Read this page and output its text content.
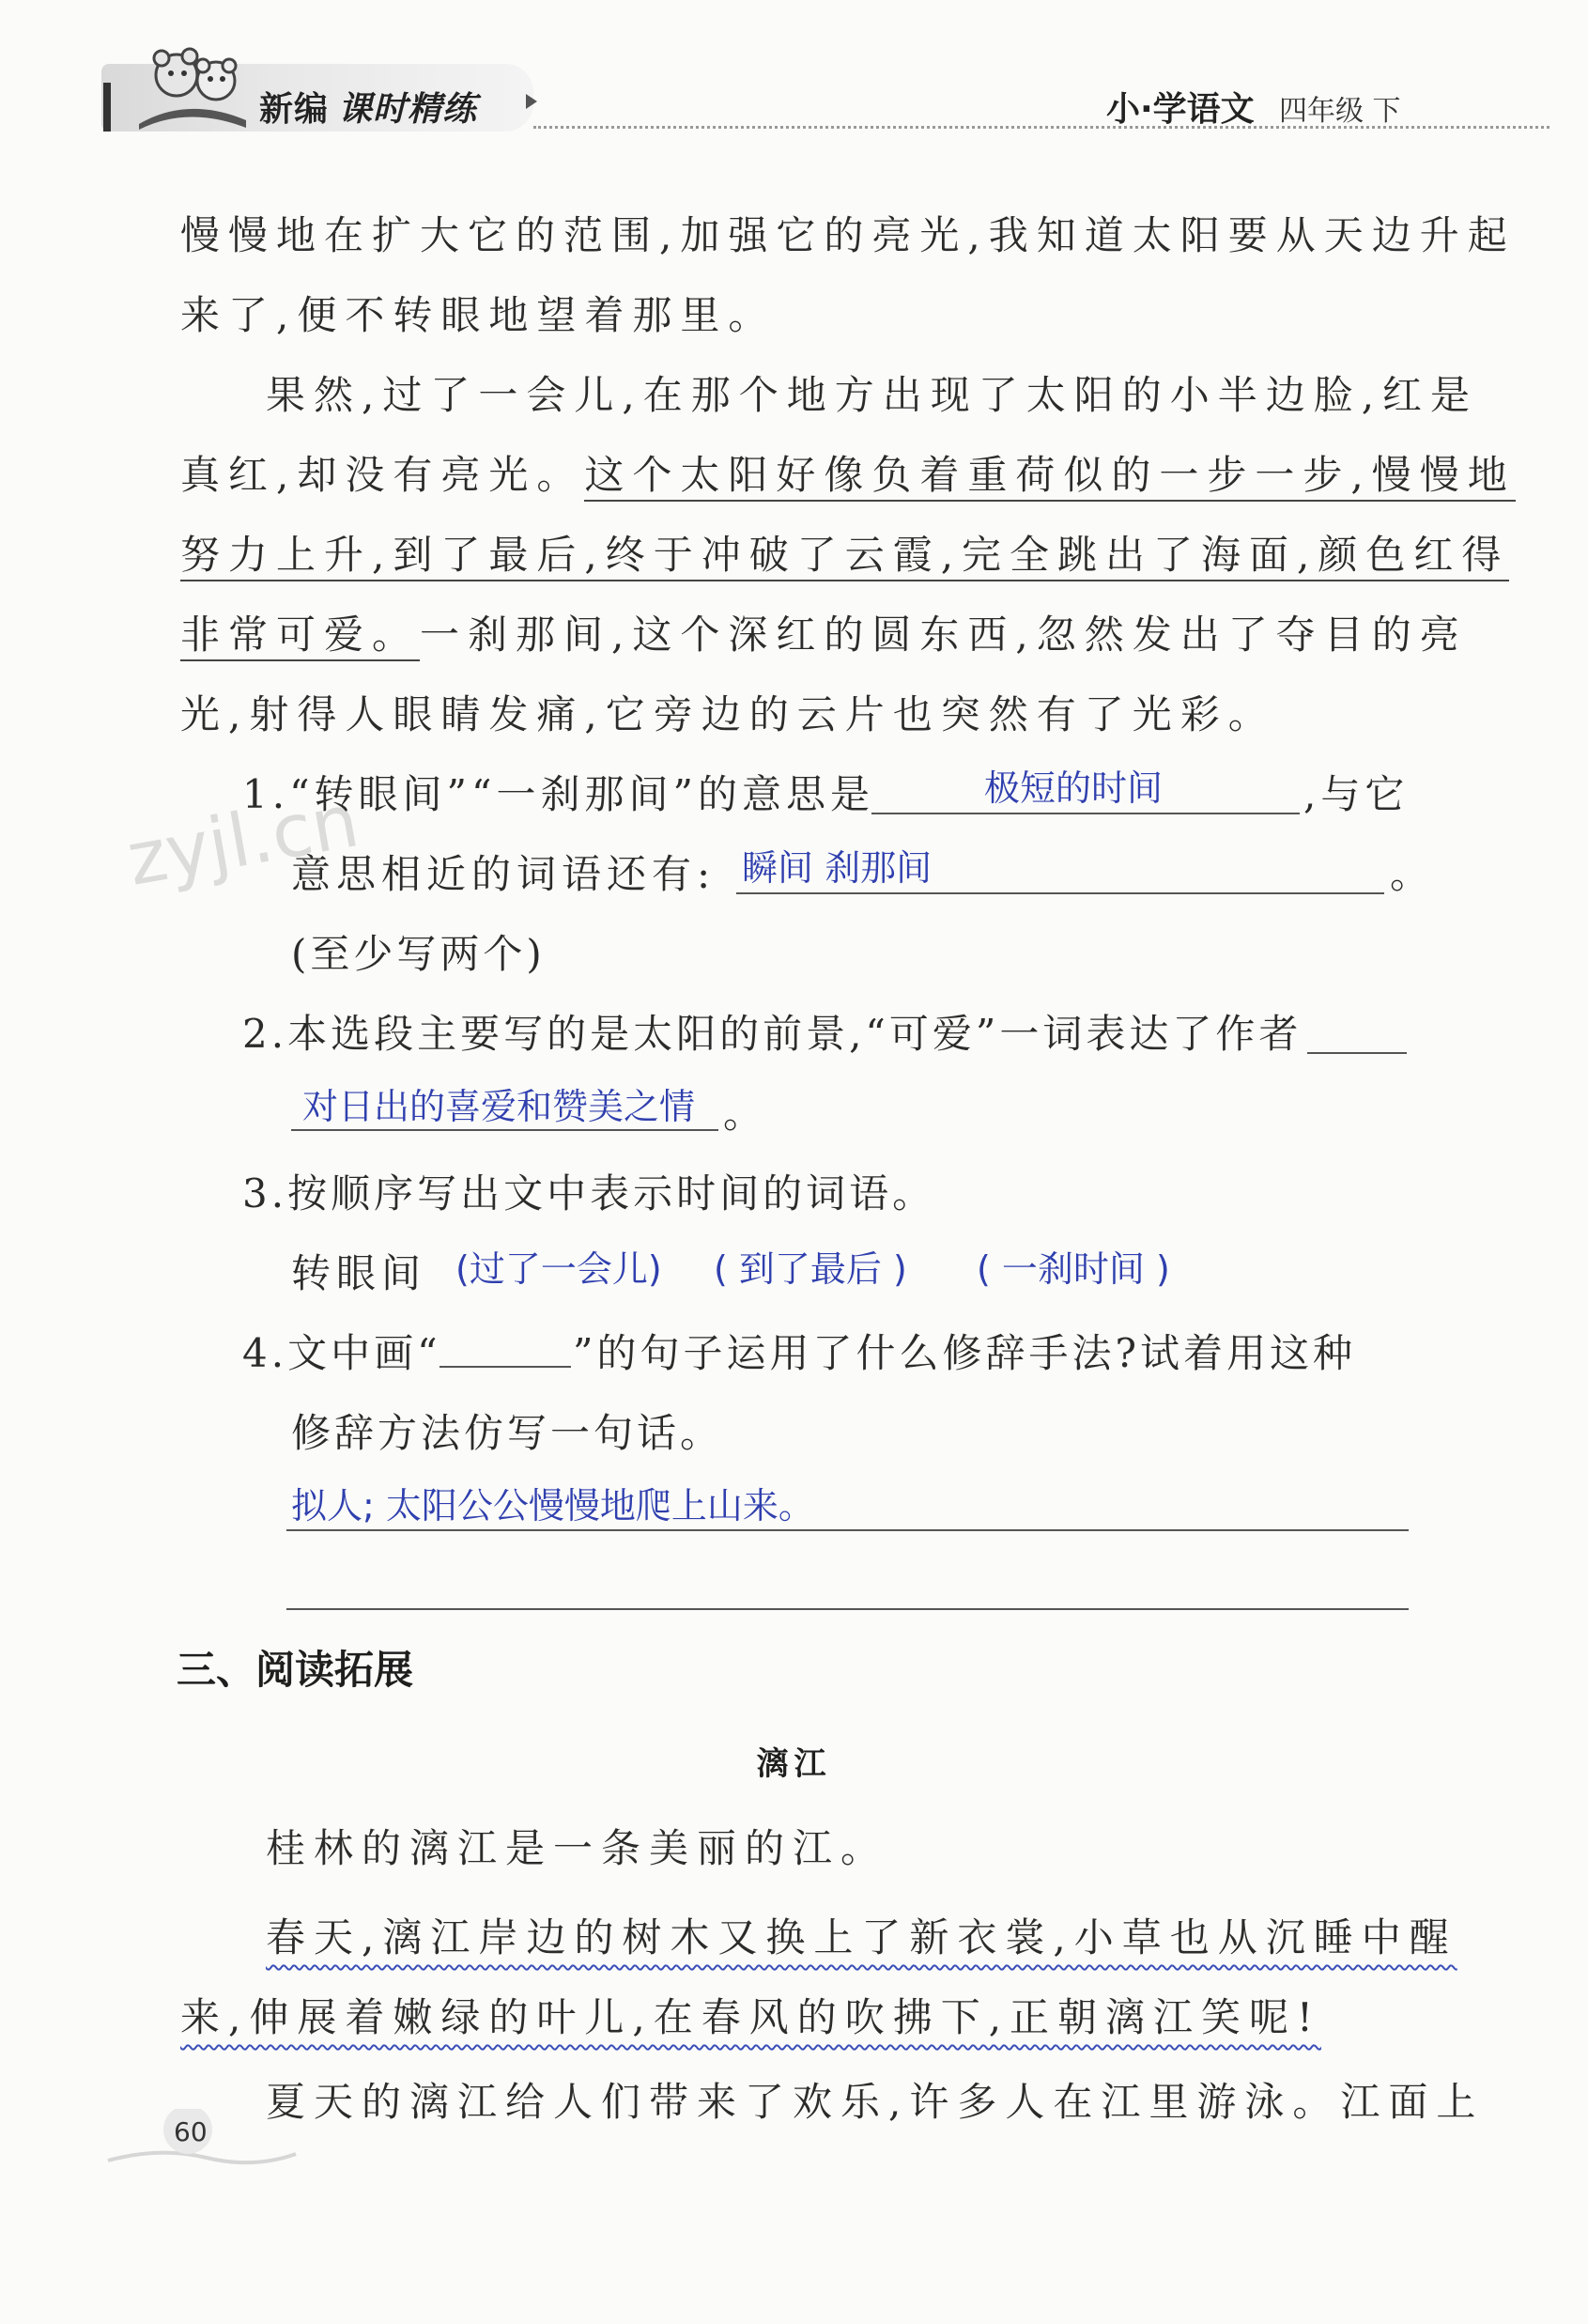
新编 课时精练	小·学语文 四年级 下
慢慢地在扩大它的范围,加强它的亮光,我知道太阳要从天边升起
来了,便不转眼地望着那里。
果然,过了一会儿,在那个地方出现了太阳的小半边脸,红是
真红,却没有亮光。这个太阳好像负着重荷似的一步一步,慢慢地
努力上升,到了最后,终于冲破了云霞,完全跳出了海面,颜色红得
非常可爱。一刹那间,这个深红的圆东西,忽然发出了夺目的亮
光,射得人眼睛发痛,它旁边的云片也突然有了光彩。
zyjl.cn
1.“转眼间”“一刹那间”的意思是	极短的时间	,与它
意思相近的词语还有: 瞬间 刹那间	。
(至少写两个)
2.本选段主要写的是太阳的前景,“可爱”一词表达了作者
对日出的喜爱和赞美之情 。
3.按顺序写出文中表示时间的词语。
转眼间 (过了一会儿) ( 到了最后 ) ( 一刹时间 )
4.文中画“	”的句子运用了什么修辞手法?试着用这种
修辞方法仿写一句话。
拟人; 太阳公公慢慢地爬上山来。
三、阅读拓展
漓江
桂林的漓江是一条美丽的江。
春天,漓江岸边的树木又换上了新衣裳,小草也从沉睡中醒
来,伸展着嫩绿的叶儿,在春风的吹拂下,正朝漓江笑呢!
夏天的漓江给人们带来了欢乐,许多人在江里游泳。江面上
60
